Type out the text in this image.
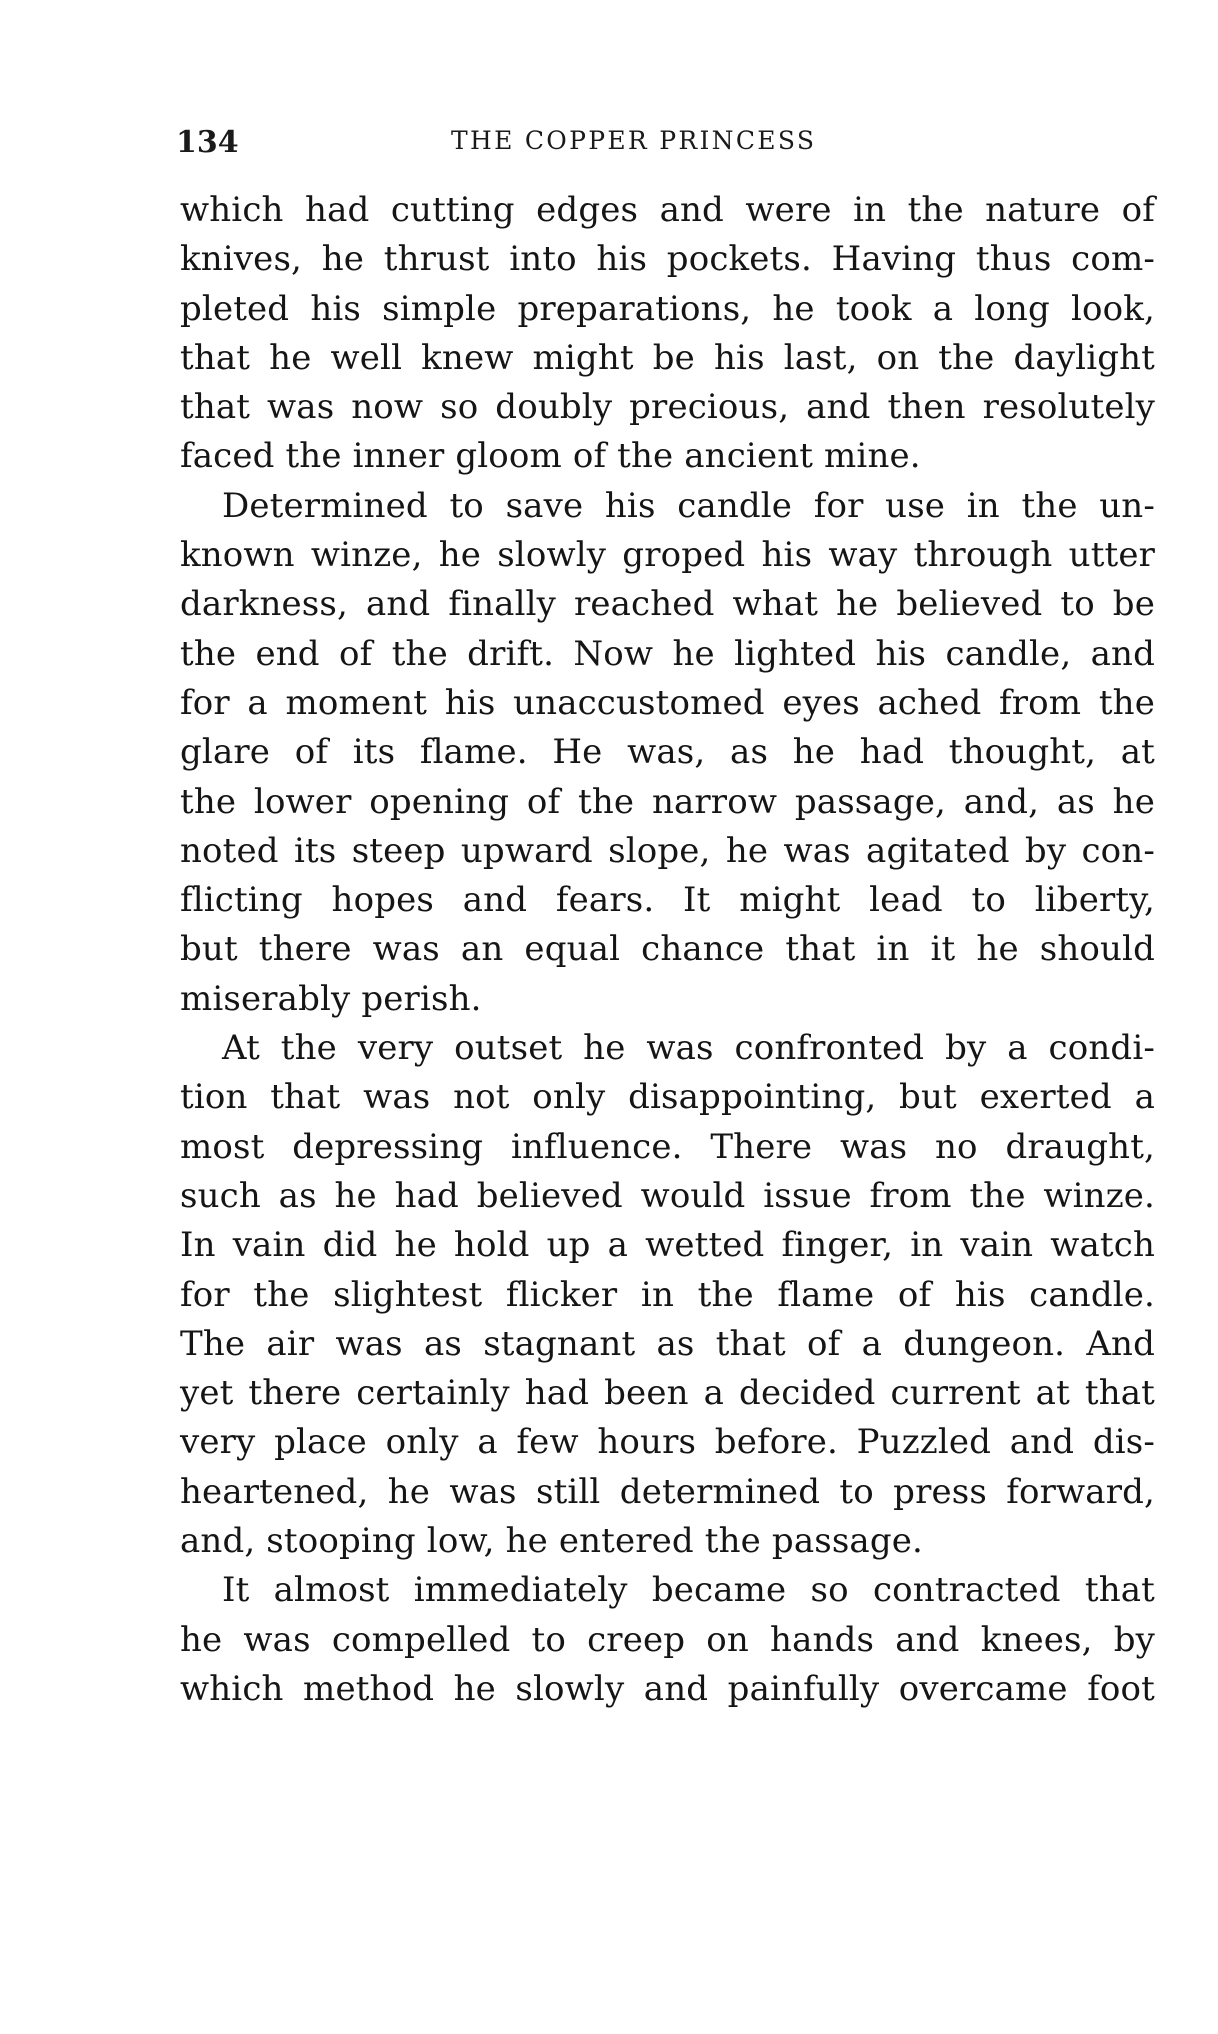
134	THE COPPER PRINCESS
which had cutting edges and were in the nature of
knives, he thrust into his pockets. Having thus com-
pleted his simple preparations, he took a long look,
that he well knew might be his last, on the daylight
that was now so doubly precious, and then resolutely
faced the inner gloom of the ancient mine.
Determined to save his candle for use in the un-
known winze, he slowly groped his way through utter
darkness, and finally reached what he believed to be
the end of the drift. Now he lighted his candle, and
for a moment his unaccustomed eyes ached from the
glare of its flame. He was, as he had thought, at
the lower opening of the narrow passage, and, as he
noted its steep upward slope, he was agitated by con-
flicting hopes and fears. It might lead to liberty,
but there was an equal chance that in it he should
miserably perish.
At the very outset he was confronted by a condi-
tion that was not only disappointing, but exerted a
most depressing influence. There was no draught,
such as he had believed would issue from the winze.
In vain did he hold up a wetted finger, in vain watch
for the slightest flicker in the flame of his candle.
The air was as stagnant as that of a dungeon. And
yet there certainly had been a decided current at that
very place only a few hours before. Puzzled and dis-
heartened, he was still determined to press forward,
and, stooping low, he entered the passage.
It almost immediately became so contracted that
he was compelled to creep on hands and knees, by
which method he slowly and painfully overcame foot
